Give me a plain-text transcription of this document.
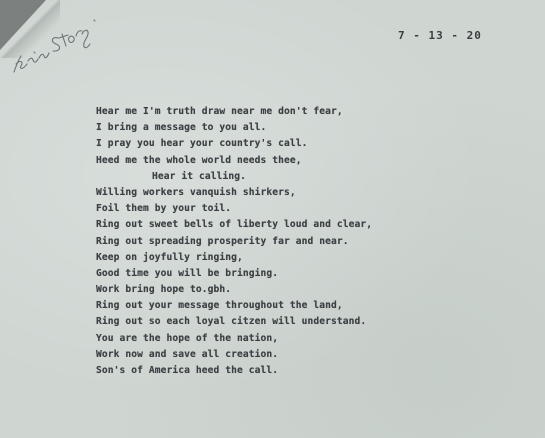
7 - 13 - 20
Hear me I'm truth draw near me don't fear,
I bring a message to you all.
I pray you hear your country's call.
Heed me the whole world needs thee,
Hear it calling.
Willing workers vanquish shirkers,
Foil them by your toil.
Ring out sweet bells of liberty loud and clear,
Ring out spreading prosperity far and near.
Keep on joyfully ringing,
Good time you will be bringing.
Work bring hope to.gbh.
Ring out your message throughout the land,
Ring out so each loyal citzen will understand.
You are the hope of the nation,
Work now and save all creation.
Son's of America heed the call.
